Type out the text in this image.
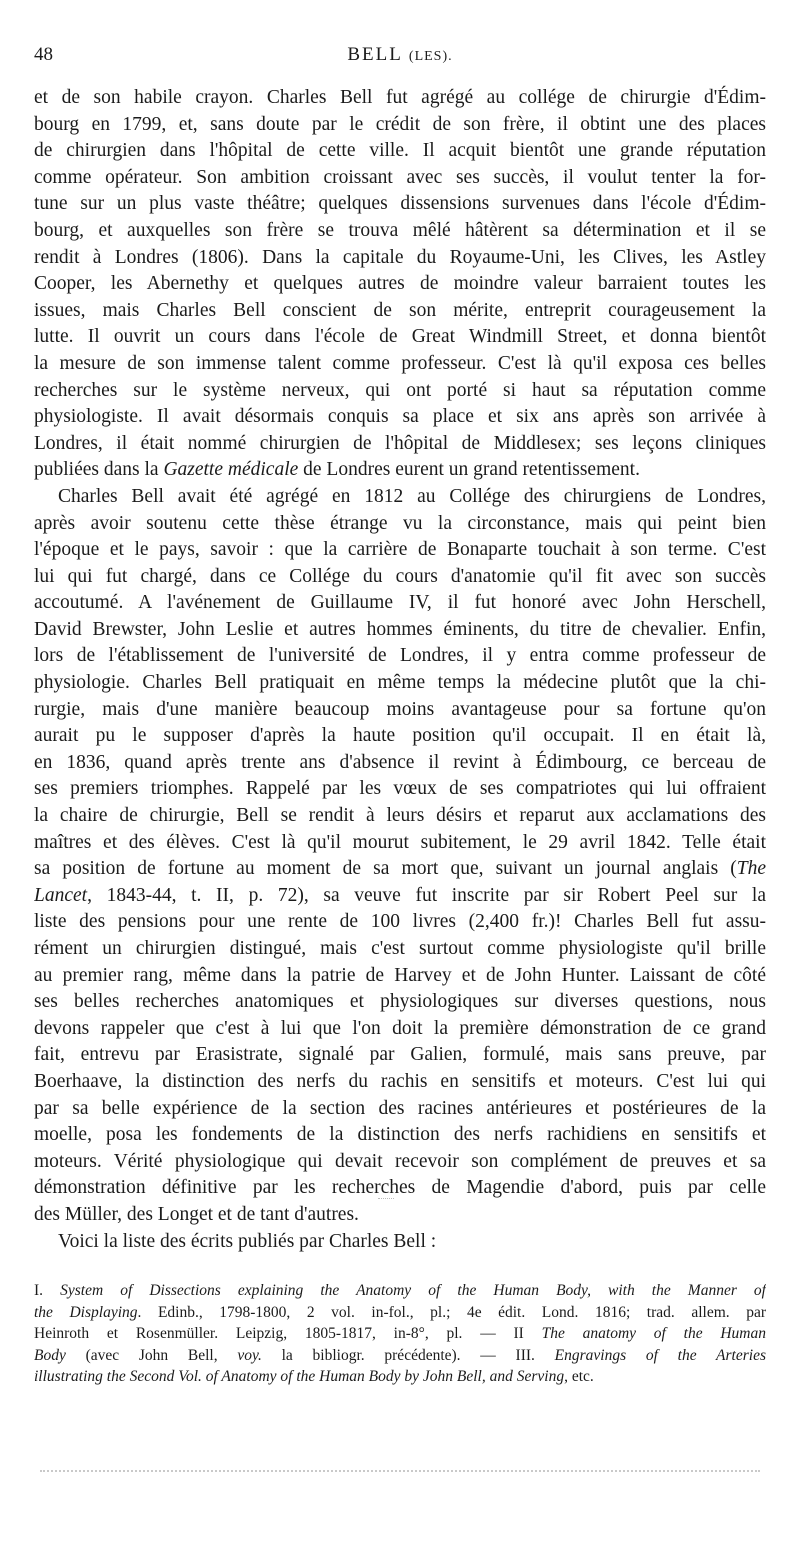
48	BELL (LES).
et de son habile crayon. Charles Bell fut agrégé au collége de chirurgie d'Édim-
bourg en 1799, et, sans doute par le crédit de son frère, il obtint une des places
de chirurgien dans l'hôpital de cette ville. Il acquit bientôt une grande réputation
comme opérateur. Son ambition croissant avec ses succès, il voulut tenter la for-
tune sur un plus vaste théâtre; quelques dissensions survenues dans l'école d'Édim-
bourg, et auxquelles son frère se trouva mêlé hâtèrent sa détermination et il se
rendit à Londres (1806). Dans la capitale du Royaume-Uni, les Clives, les Astley
Cooper, les Abernethy et quelques autres de moindre valeur barraient toutes les
issues, mais Charles Bell conscient de son mérite, entreprit courageusement la
lutte. Il ouvrit un cours dans l'école de Great Windmill Street, et donna bientôt
la mesure de son immense talent comme professeur. C'est là qu'il exposa ces belles
recherches sur le système nerveux, qui ont porté si haut sa réputation comme
physiologiste. Il avait désormais conquis sa place et six ans après son arrivée à
Londres, il était nommé chirurgien de l'hôpital de Middlesex; ses leçons cliniques
publiées dans la Gazette médicale de Londres eurent un grand retentissement.
Charles Bell avait été agrégé en 1812 au Collége des chirurgiens de Londres,
après avoir soutenu cette thèse étrange vu la circonstance, mais qui peint bien
l'époque et le pays, savoir : que la carrière de Bonaparte touchait à son terme. C'est
lui qui fut chargé, dans ce Collége du cours d'anatomie qu'il fit avec son succès
accoutumé. A l'avénement de Guillaume IV, il fut honoré avec John Herschell,
David Brewster, John Leslie et autres hommes éminents, du titre de chevalier. Enfin,
lors de l'établissement de l'université de Londres, il y entra comme professeur de
physiologie. Charles Bell pratiquait en même temps la médecine plutôt que la chi-
rurgie, mais d'une manière beaucoup moins avantageuse pour sa fortune qu'on
aurait pu le supposer d'après la haute position qu'il occupait. Il en était là,
en 1836, quand après trente ans d'absence il revint à Édimbourg, ce berceau de
ses premiers triomphes. Rappelé par les vœux de ses compatriotes qui lui offraient
la chaire de chirurgie, Bell se rendit à leurs désirs et reparut aux acclamations des
maîtres et des élèves. C'est là qu'il mourut subitement, le 29 avril 1842. Telle était
sa position de fortune au moment de sa mort que, suivant un journal anglais (The
Lancet, 1843-44, t. II, p. 72), sa veuve fut inscrite par sir Robert Peel sur la
liste des pensions pour une rente de 100 livres (2,400 fr.)! Charles Bell fut assu-
rément un chirurgien distingué, mais c'est surtout comme physiologiste qu'il brille
au premier rang, même dans la patrie de Harvey et de John Hunter. Laissant de côté
ses belles recherches anatomiques et physiologiques sur diverses questions, nous
devons rappeler que c'est à lui que l'on doit la première démonstration de ce grand
fait, entrevu par Erasistrate, signalé par Galien, formulé, mais sans preuve, par
Boerhaave, la distinction des nerfs du rachis en sensitifs et moteurs. C'est lui qui
par sa belle expérience de la section des racines antérieures et postérieures de la
moelle, posa les fondements de la distinction des nerfs rachidiens en sensitifs et
moteurs. Vérité physiologique qui devait recevoir son complément de preuves et sa
démonstration définitive par les recherches de Magendie d'abord, puis par celle
des Müller, des Longet et de tant d'autres.
Voici la liste des écrits publiés par Charles Bell :
I. System of Dissections explaining the Anatomy of the Human Body, with the Manner of
the Displaying. Edinb., 1798-1800, 2 vol. in-fol., pl.; 4e édit. Lond. 1816; trad. allem. par
Heinroth et Rosenmüller. Leipzig, 1805-1817, in-8°, pl. — II The anatomy of the Human
Body (avec John Bell, voy. la bibliogr. précédente). — III. Engravings of the Arteries
illustrating the Second Vol. of Anatomy of the Human Body by John Bell, and Serving, etc.
